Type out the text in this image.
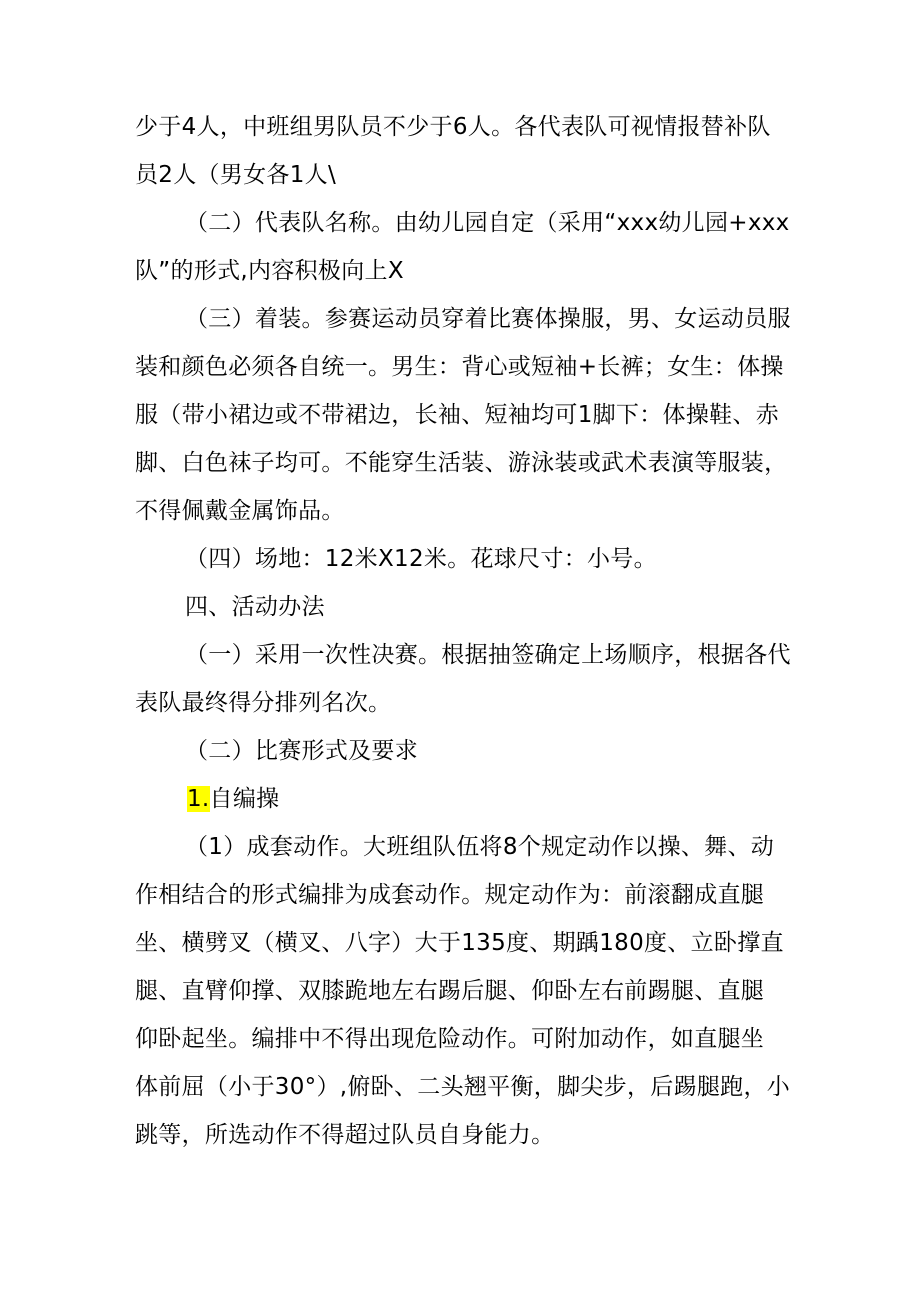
少于4人，中班组男队员不少于6人。各代表队可视情报替补队
员2人（男女各1人\
（二）代表队名称。由幼儿园自定（采用“xxx幼儿园+xxx
队”的形式,内容积极向上X
（三）着装。参赛运动员穿着比赛体操服，男、女运动员服
装和颜色必须各自统一。男生：背心或短袖+长裤；女生：体操
服（带小裙边或不带裙边，长袖、短袖均可1脚下：体操鞋、赤
脚、白色袜子均可。不能穿生活装、游泳装或武术表演等服装，
不得佩戴金属饰品。
（四）场地：12米X12米。花球尺寸：小号。
四、活动办法
（一）采用一次性决赛。根据抽签确定上场顺序，根据各代
表队最终得分排列名次。
（二）比赛形式及要求
1.自编操
（1）成套动作。大班组队伍将8个规定动作以操、舞、动
作相结合的形式编排为成套动作。规定动作为：前滚翻成直腿
坐、横劈叉（横叉、八字）大于135度、期踽180度、立卧撑直
腿、直臂仰撑、双膝跪地左右踢后腿、仰卧左右前踢腿、直腿
仰卧起坐。编排中不得出现危险动作。可附加动作，如直腿坐
体前屈（小于30°）,俯卧、二头翘平衡，脚尖步，后踢腿跑，小
跳等，所选动作不得超过队员自身能力。
